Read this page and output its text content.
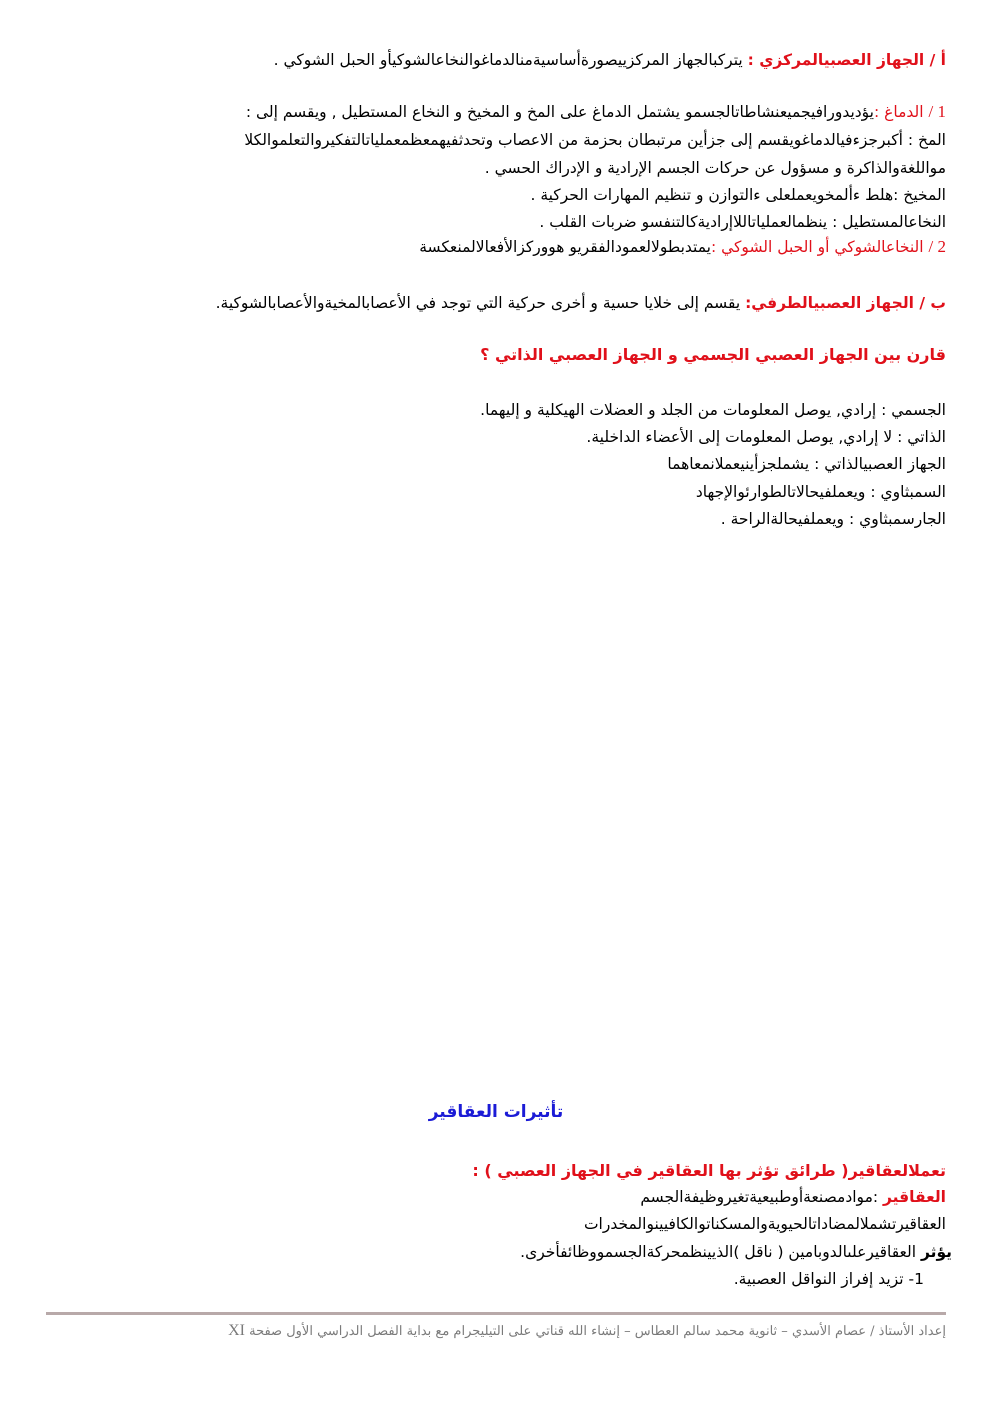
أ / الجهاز العصبيالمركزي : يتركبالجهاز المركزييصورةأساسيةمنالدماغوالنخاعالشوكيأو الحبل الشوكي .
1 / الدماغ :يؤديدورافيجميعنشاطاتالجسمو يشتمل الدماغ على المخ و المخيخ و النخاع المستطيل , ويقسم إلى :
المخ : أكبرجزءفيالدماغويقسم إلى جزأين مرتبطان بحزمة من الاعصاب وتحدثفيهمعظمعملياتالتفكيروالتعلموالكلا
مواللغةوالذاكرة و مسؤول عن حركات الجسم الإرادية و الإدراك الحسي .
المخيخ :هلط ءألمخويعملعلى ءالتوازن و تنظيم المهارات الحركية .
النخاعالمستطيل : ينظمالعملياتاللاإراديةكالتنفسو ضربات القلب .
2 / النخاعالشوكي أو الحبل الشوكي :يمتدبطولالعمودالفقريو هووركزالأفعالالمنعكسة
ب / الجهاز العصبيالطرفي: يقسم إلى خلايا حسية و أخرى حركية التي توجد في الأعصابالمخيةوالأعصابالشوكية.
قارن بين الجهاز العصبي الجسمي و الجهاز العصبي الذاتي ؟
الجسمي : إرادي, يوصل المعلومات من الجلد و العضلات الهيكلية و إليهما.
الذاتي : لا إرادي, يوصل المعلومات إلى الأعضاء الداخلية.
الجهاز العصبيالذاتي : يشملجزأينيعملانمعاهما
السمبثاوي : ويعملفيحالاتالطوارئوالإجهاد
الجارسمبثاوي : ويعملفيحالةالراحة .
تأثيرات العقاقير
تعملالعقاقير( طرائق تؤثر بها العقاقير في الجهاز العصبي ) :
العقاقير :موادمصنعةأوطبيعيةتغيروظيفةالجسم
العقاقيرتشملالمضاداتالحيويةوالمسكناتوالكافيينوالمخدرات
يؤثر العقاقيرعلىالدوبامين ( ناقل )الذيينظمحركةالجسمووظائفأخرى.
1- تزيد إفراز النواقل العصبية.
إعداد الأستاذ / عصام الأسدي – ثانوية محمد سالم العطاس – إنشاء الله قناتي على التيليجرام مع بداية الفصل الدراسي الأول صفحة XI
